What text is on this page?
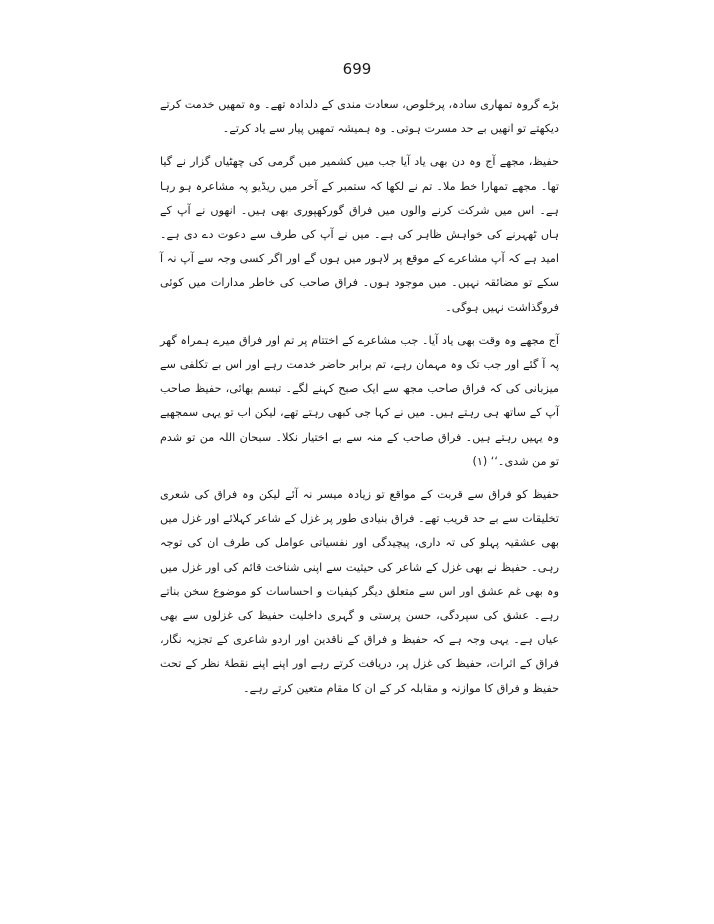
699

بڑے گروہ تمھاری سادہ، پرخلوص، سعادت مندی کے دلدادہ تھے۔ وہ تمھیں خدمت کرتے دیکھتے تو انھیں بے حد مسرت ہوتی۔ وہ ہمیشہ تمھیں پیار سے یاد کرتے۔

حفیظ، مجھے آج وہ دن بھی یاد آیا جب میں کشمیر میں گرمی کی چھٹیاں گزار نے گیا تھا۔ مجھے تمھارا خط ملا۔ تم نے لکھا کہ ستمبر کے آخر میں ریڈیو پہ مشاعرہ ہو رہا ہے۔ اس میں شرکت کرنے والوں میں فراق گورکھپوری بھی ہیں۔ انھوں نے آپ کے ہاں ٹھہرنے کی خواہش ظاہر کی ہے۔ میں نے آپ کی طرف سے دعوت دے دی ہے۔ امید ہے کہ آپ مشاعرے کے موقع پر لاہور میں ہوں گے اور اگر کسی وجہ سے آپ نہ آ سکے تو مضائقہ نہیں۔ میں موجود ہوں۔ فراق صاحب کی خاطر مدارات میں کوئی فروگذاشت نہیں ہوگی۔

آج مجھے وہ وقت بھی یاد آیا۔ جب مشاعرے کے اختتام پر تم اور فراق میرے ہمراہ گھر پہ آ گئے اور جب تک وہ مہمان رہے، تم برابر حاضر خدمت رہے اور اس بے تکلفی سے میزبانی کی کہ فراق صاحب مجھ سے ایک صبح کہنے لگے۔ تبسم بھائی، حفیظ صاحب آپ کے ساتھ ہی رہتے ہیں۔ میں نے کہا جی کبھی رہتے تھے، لیکن اب تو یہی سمجھیے وہ یہیں رہتے ہیں۔ فراق صاحب کے منہ سے بے اختیار نکلا۔ سبحان اللہ من تو شدم تو من شدی۔‘‘ (۱)

حفیظ کو فراق سے قربت کے مواقع تو زیادہ میسر نہ آئے لیکن وہ فراق کی شعری تخلیقات سے بے حد قریب تھے۔ فراق بنیادی طور پر غزل کے شاعر کہلائے اور غزل میں بھی عشقیہ پہلو کی تہ داری، پیچیدگی اور نفسیاتی عوامل کی طرف ان کی توجہ رہی۔ حفیظ نے بھی غزل کے شاعر کی حیثیت سے اپنی شناخت قائم کی اور غزل میں وہ بھی غم عشق اور اس سے متعلق دیگر کیفیات و احساسات کو موضوع سخن بناتے رہے۔ عشق کی سپردگی، حسن پرستی و گہری داخلیت حفیظ کی غزلوں سے بھی عیاں ہے۔ یہی وجہ ہے کہ حفیظ و فراق کے ناقدین اور اردو شاعری کے تجزیہ نگار، فراق کے اثرات، حفیظ کی غزل پر، دریافت کرتے رہے اور اپنے اپنے نقطۂ نظر کے تحت حفیظ و فراق کا موازنہ و مقابلہ کر کے ان کا مقام متعین کرتے رہے۔
